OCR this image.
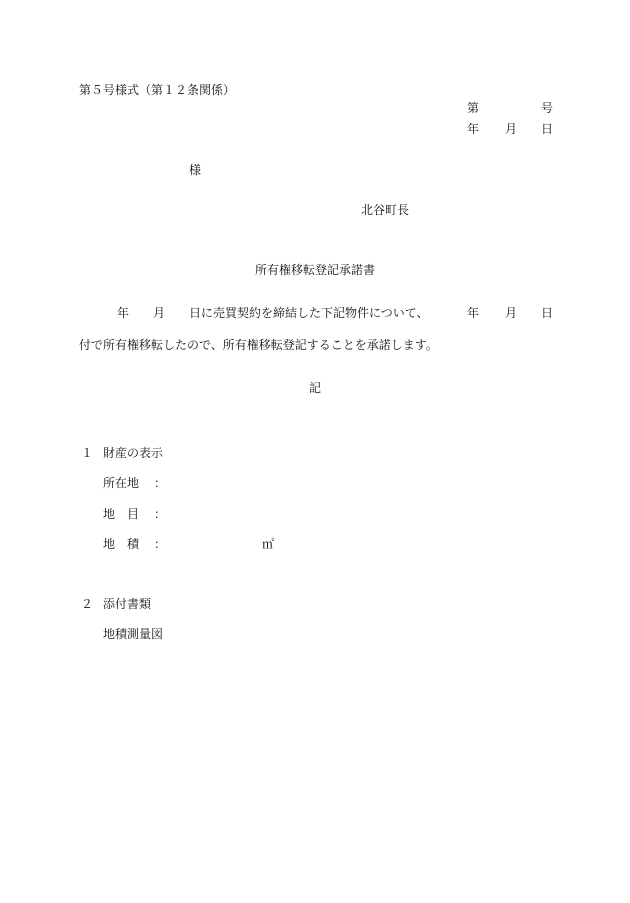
第５号様式（第１２条関係）
第	号
年 月 日
様
北谷町長
所有権移転登記承諾書
年 月 日に売買契約を締結した下記物件について、	年 月 日
付で所有権移転したので、所有権移転登記することを承諾します。
記
１ 財産の表示
所在地 ：
地 目 ：
地 積 ：	㎡
２ 添付書類
地積測量図
